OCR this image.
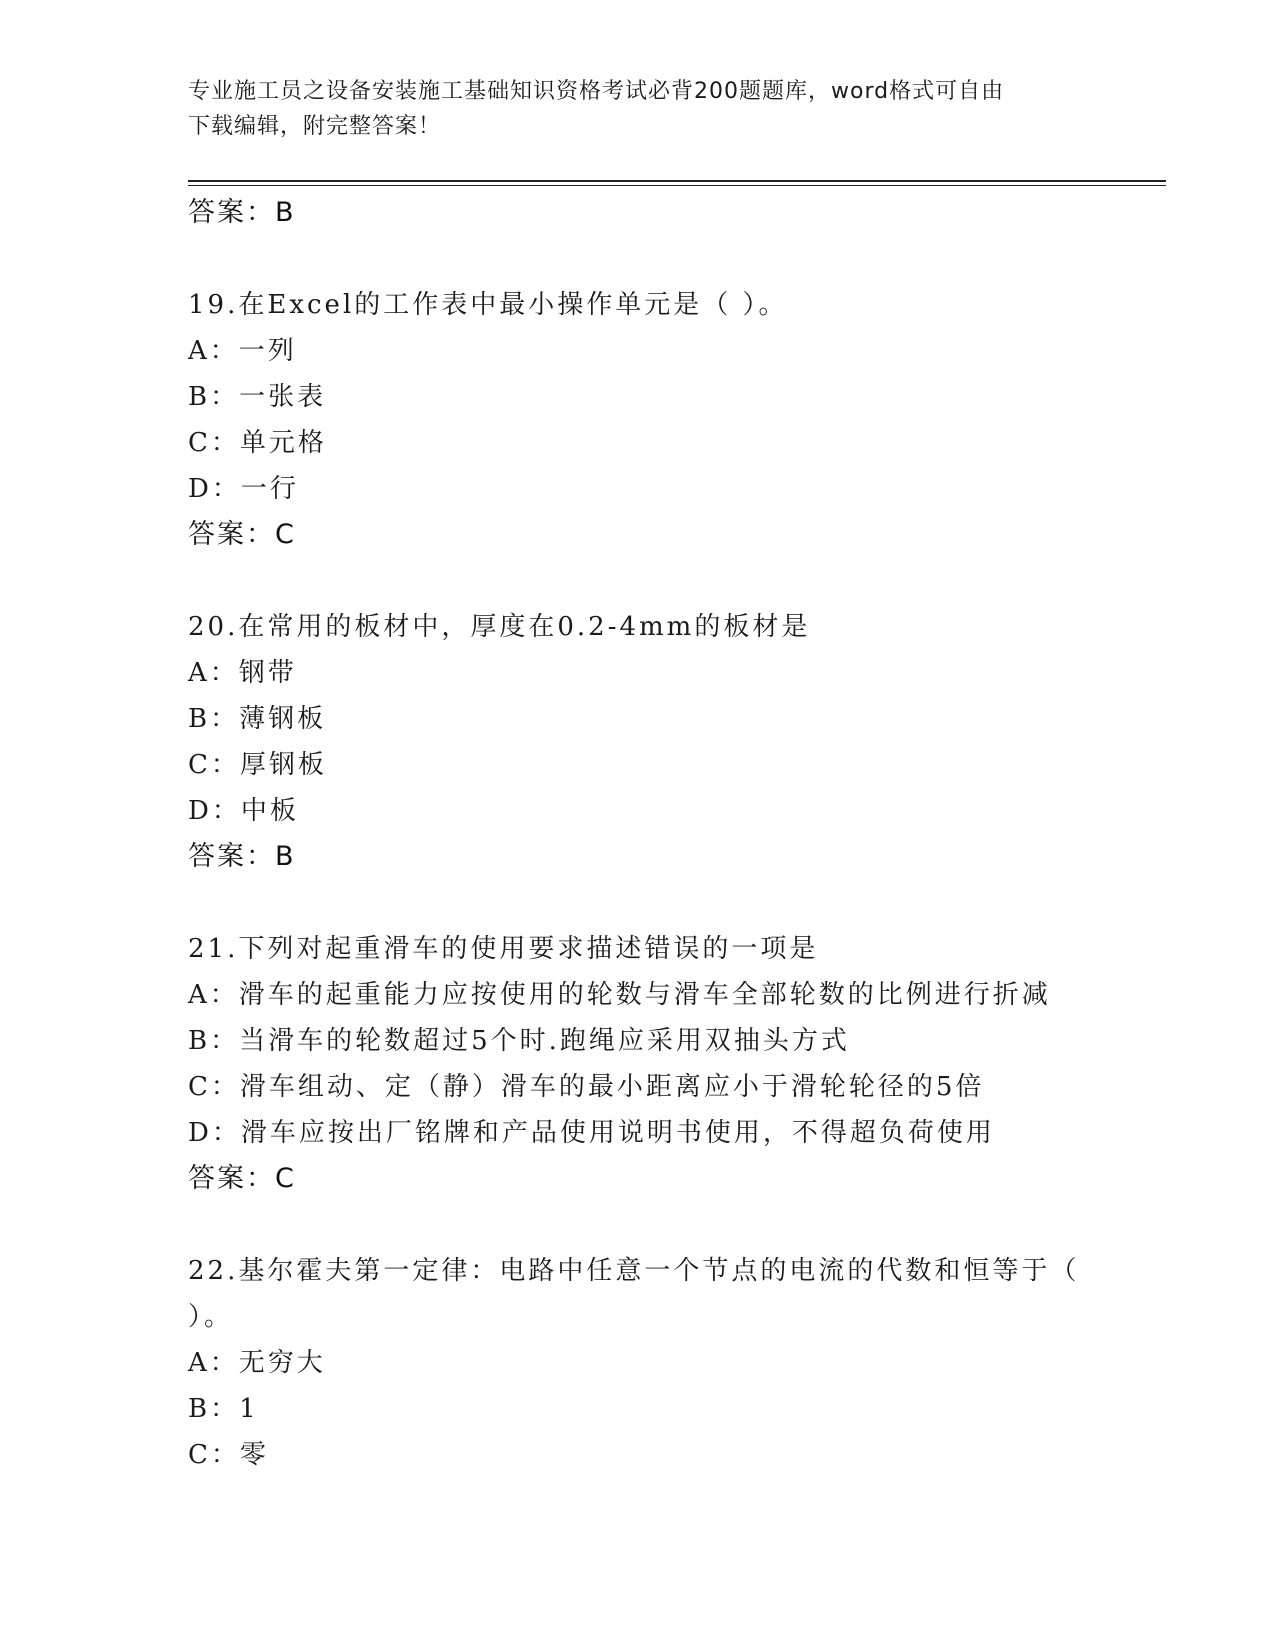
专业施工员之设备安装施工基础知识资格考试必背200题题库，word格式可自由
下载编辑，附完整答案！
答案：B
19.在Excel的工作表中最小操作单元是（ ）。
A：一列
B：一张表
C：单元格
D：一行
答案：C
20.在常用的板材中，厚度在0.2-4mm的板材是
A：钢带
B：薄钢板
C：厚钢板
D：中板
答案：B
21.下列对起重滑车的使用要求描述错误的一项是
A：滑车的起重能力应按使用的轮数与滑车全部轮数的比例进行折减
B：当滑车的轮数超过5个时.跑绳应采用双抽头方式
C：滑车组动、定（静）滑车的最小距离应小于滑轮轮径的5倍
D：滑车应按出厂铭牌和产品使用说明书使用，不得超负荷使用
答案：C
22.基尔霍夫第一定律：电路中任意一个节点的电流的代数和恒等于（
）。
A：无穷大
B：1
C：零
